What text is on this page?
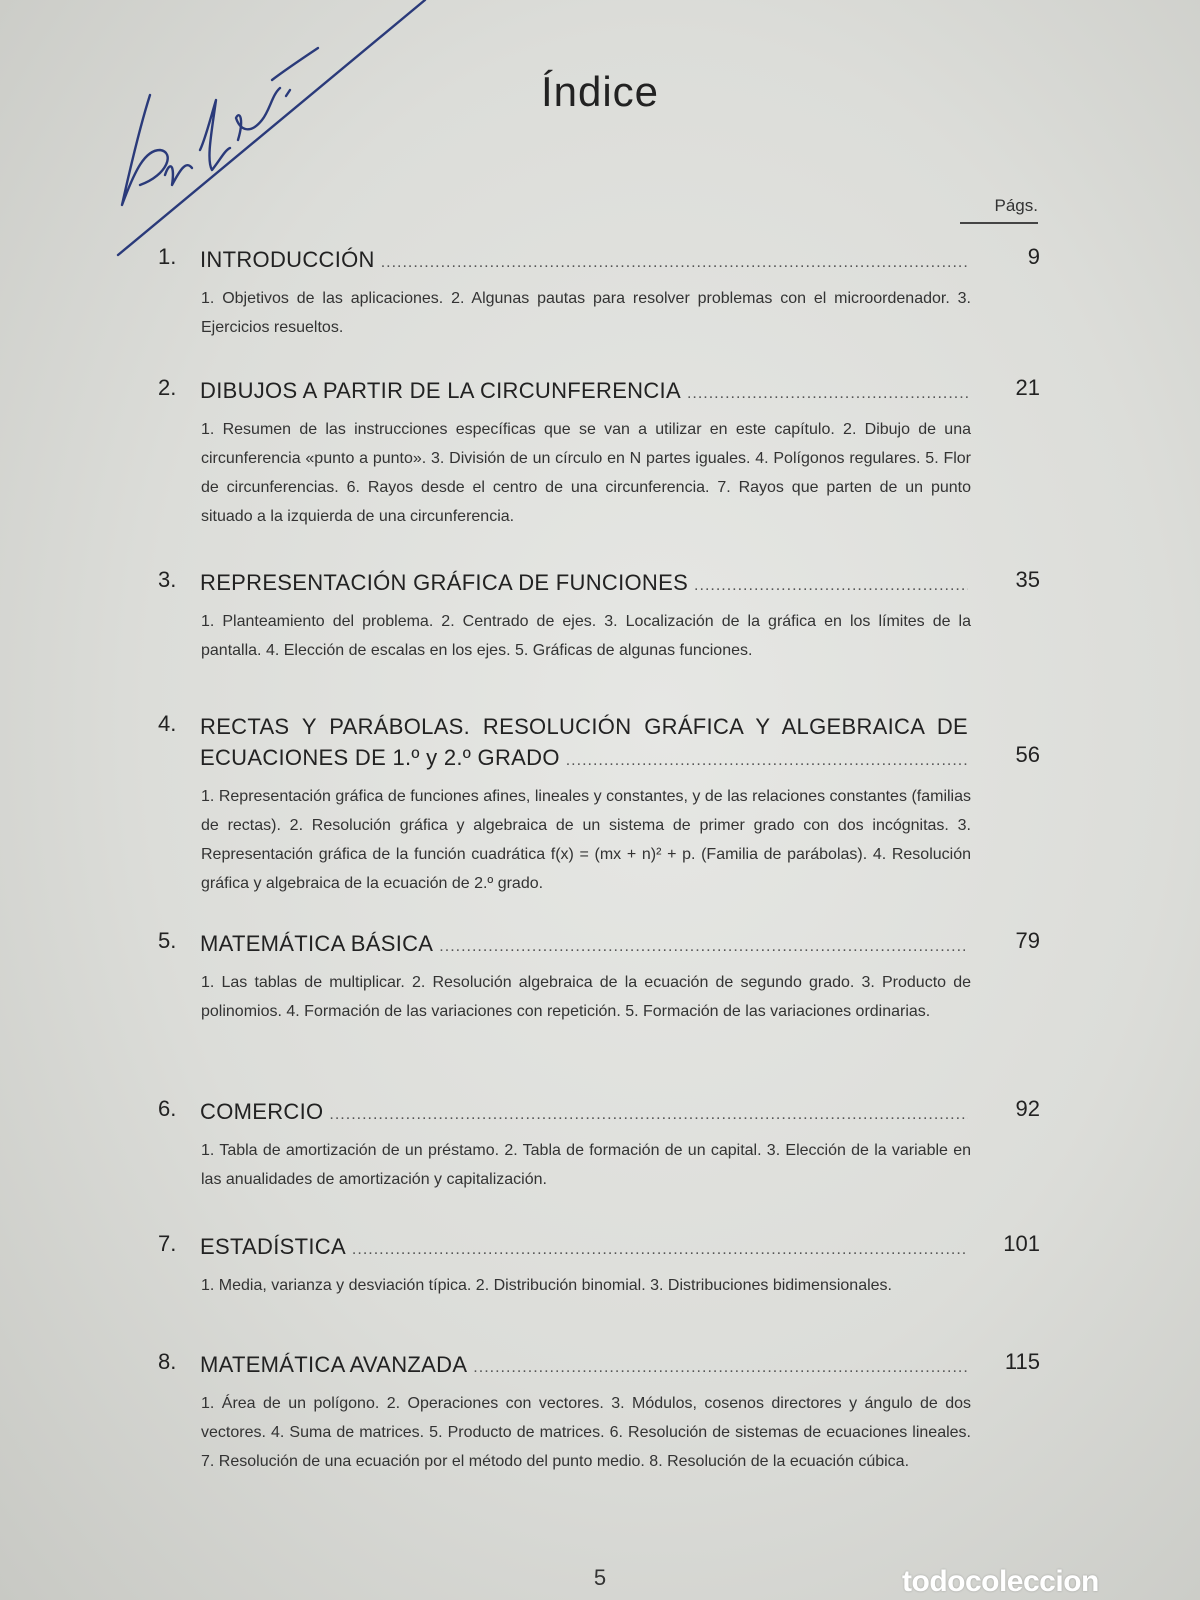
Índice
Págs.
1. INTRODUCCIÓN .....	9
1. Objetivos de las aplicaciones. 2. Algunas pautas para resolver problemas con el microordenador. 3. Ejercicios resueltos.
2. DIBUJOS A PARTIR DE LA CIRCUNFERENCIA .....	21
1. Resumen de las instrucciones específicas que se van a utilizar en este capítulo. 2. Dibujo de una circunferencia «punto a punto». 3. División de un círculo en N partes iguales. 4. Polígonos regulares. 5. Flor de circunferencias. 6. Rayos desde el centro de una circunferencia. 7. Rayos que parten de un punto situado a la izquierda de una circunferencia.
3. REPRESENTACIÓN GRÁFICA DE FUNCIONES .....	35
1. Planteamiento del problema. 2. Centrado de ejes. 3. Localización de la gráfica en los límites de la pantalla. 4. Elección de escalas en los ejes. 5. Gráficas de algunas funciones.
4. RECTAS Y PARÁBOLAS. RESOLUCIÓN GRÁFICA Y ALGEBRAICA DE
ECUACIONES DE 1.º y 2.º GRADO .....	56
1. Representación gráfica de funciones afines, lineales y constantes, y de las relaciones constantes (familias de rectas). 2. Resolución gráfica y algebraica de un sistema de primer grado con dos incógnitas. 3. Representación gráfica de la función cuadrática f(x) = (mx + n)² + p. (Familia de parábolas). 4. Resolución gráfica y algebraica de la ecuación de 2.º grado.
5. MATEMÁTICA BÁSICA .....	79
1. Las tablas de multiplicar. 2. Resolución algebraica de la ecuación de segundo grado. 3. Producto de polinomios. 4. Formación de las variaciones con repetición. 5. Formación de las variaciones ordinarias.
6. COMERCIO .....	92
1. Tabla de amortización de un préstamo. 2. Tabla de formación de un capital. 3. Elección de la variable en las anualidades de amortización y capitalización.
7. ESTADÍSTICA .....	101
1. Media, varianza y desviación típica. 2. Distribución binomial. 3. Distribuciones bidimensionales.
8. MATEMÁTICA AVANZADA .....	115
1. Área de un polígono. 2. Operaciones con vectores. 3. Módulos, cosenos directores y ángulo de dos vectores. 4. Suma de matrices. 5. Producto de matrices. 6. Resolución de sistemas de ecuaciones lineales. 7. Resolución de una ecuación por el método del punto medio. 8. Resolución de la ecuación cúbica.
5	todocoleccion
